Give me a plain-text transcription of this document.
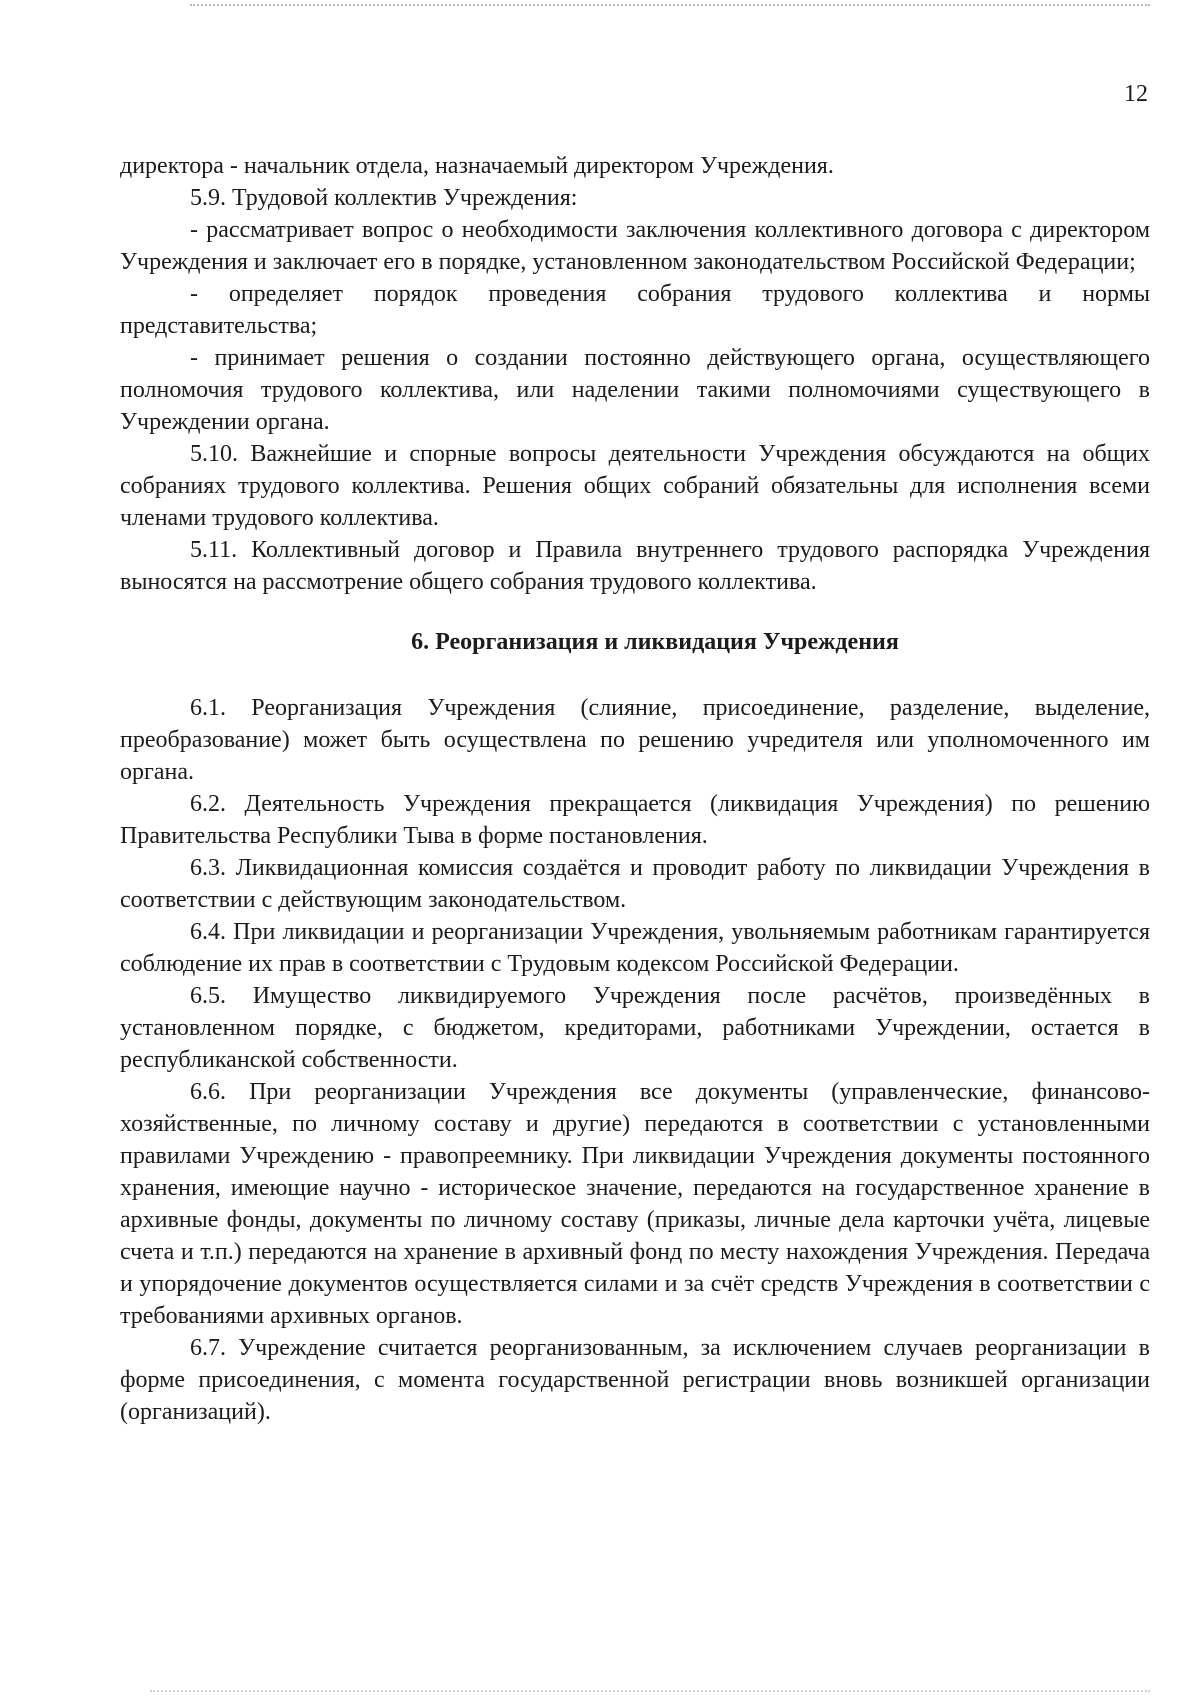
12

директора - начальник отдела, назначаемый директором Учреждения.

5.9. Трудовой коллектив Учреждения:

- рассматривает вопрос о необходимости заключения коллективного договора с директором Учреждения и заключает его в порядке, установленном законодательством Российской Федерации;

- определяет порядок проведения собрания трудового коллектива и нормы представительства;

- принимает решения о создании постоянно действующего органа, осуществляющего полномочия трудового коллектива, или наделении такими полномочиями существующего в Учреждении органа.

5.10. Важнейшие и спорные вопросы деятельности Учреждения обсуждаются на общих собраниях трудового коллектива. Решения общих собраний обязательны для исполнения всеми членами трудового коллектива.

5.11. Коллективный договор и Правила внутреннего трудового распорядка Учреждения выносятся на рассмотрение общего собрания трудового коллектива.

6. Реорганизация и ликвидация Учреждения

6.1. Реорганизация Учреждения (слияние, присоединение, разделение, выделение, преобразование) может быть осуществлена по решению учредителя или уполномоченного им органа.

6.2. Деятельность Учреждения прекращается (ликвидация Учреждения) по решению Правительства Республики Тыва в форме постановления.

6.3. Ликвидационная комиссия создаётся и проводит работу по ликвидации Учреждения в соответствии с действующим законодательством.

6.4. При ликвидации и реорганизации Учреждения, увольняемым работникам гарантируется соблюдение их прав в соответствии с Трудовым кодексом Российской Федерации.

6.5. Имущество ликвидируемого Учреждения после расчётов, произведённых в установленном порядке, с бюджетом, кредиторами, работниками Учреждении, остается в республиканской собственности.

6.6. При реорганизации Учреждения все документы (управленческие, финансово-хозяйственные, по личному составу и другие) передаются в соответствии с установленными правилами Учреждению - правопреемнику. При ликвидации Учреждения документы постоянного хранения, имеющие научно - историческое значение, передаются на государственное хранение в архивные фонды, документы по личному составу (приказы, личные дела карточки учёта, лицевые счета и т.п.) передаются на хранение в архивный фонд по месту нахождения Учреждения. Передача и упорядочение документов осуществляется силами и за счёт средств Учреждения в соответствии с требованиями архивных органов.

6.7. Учреждение считается реорганизованным, за исключением случаев реорганизации в форме присоединения, с момента государственной регистрации вновь возникшей организации (организаций).
